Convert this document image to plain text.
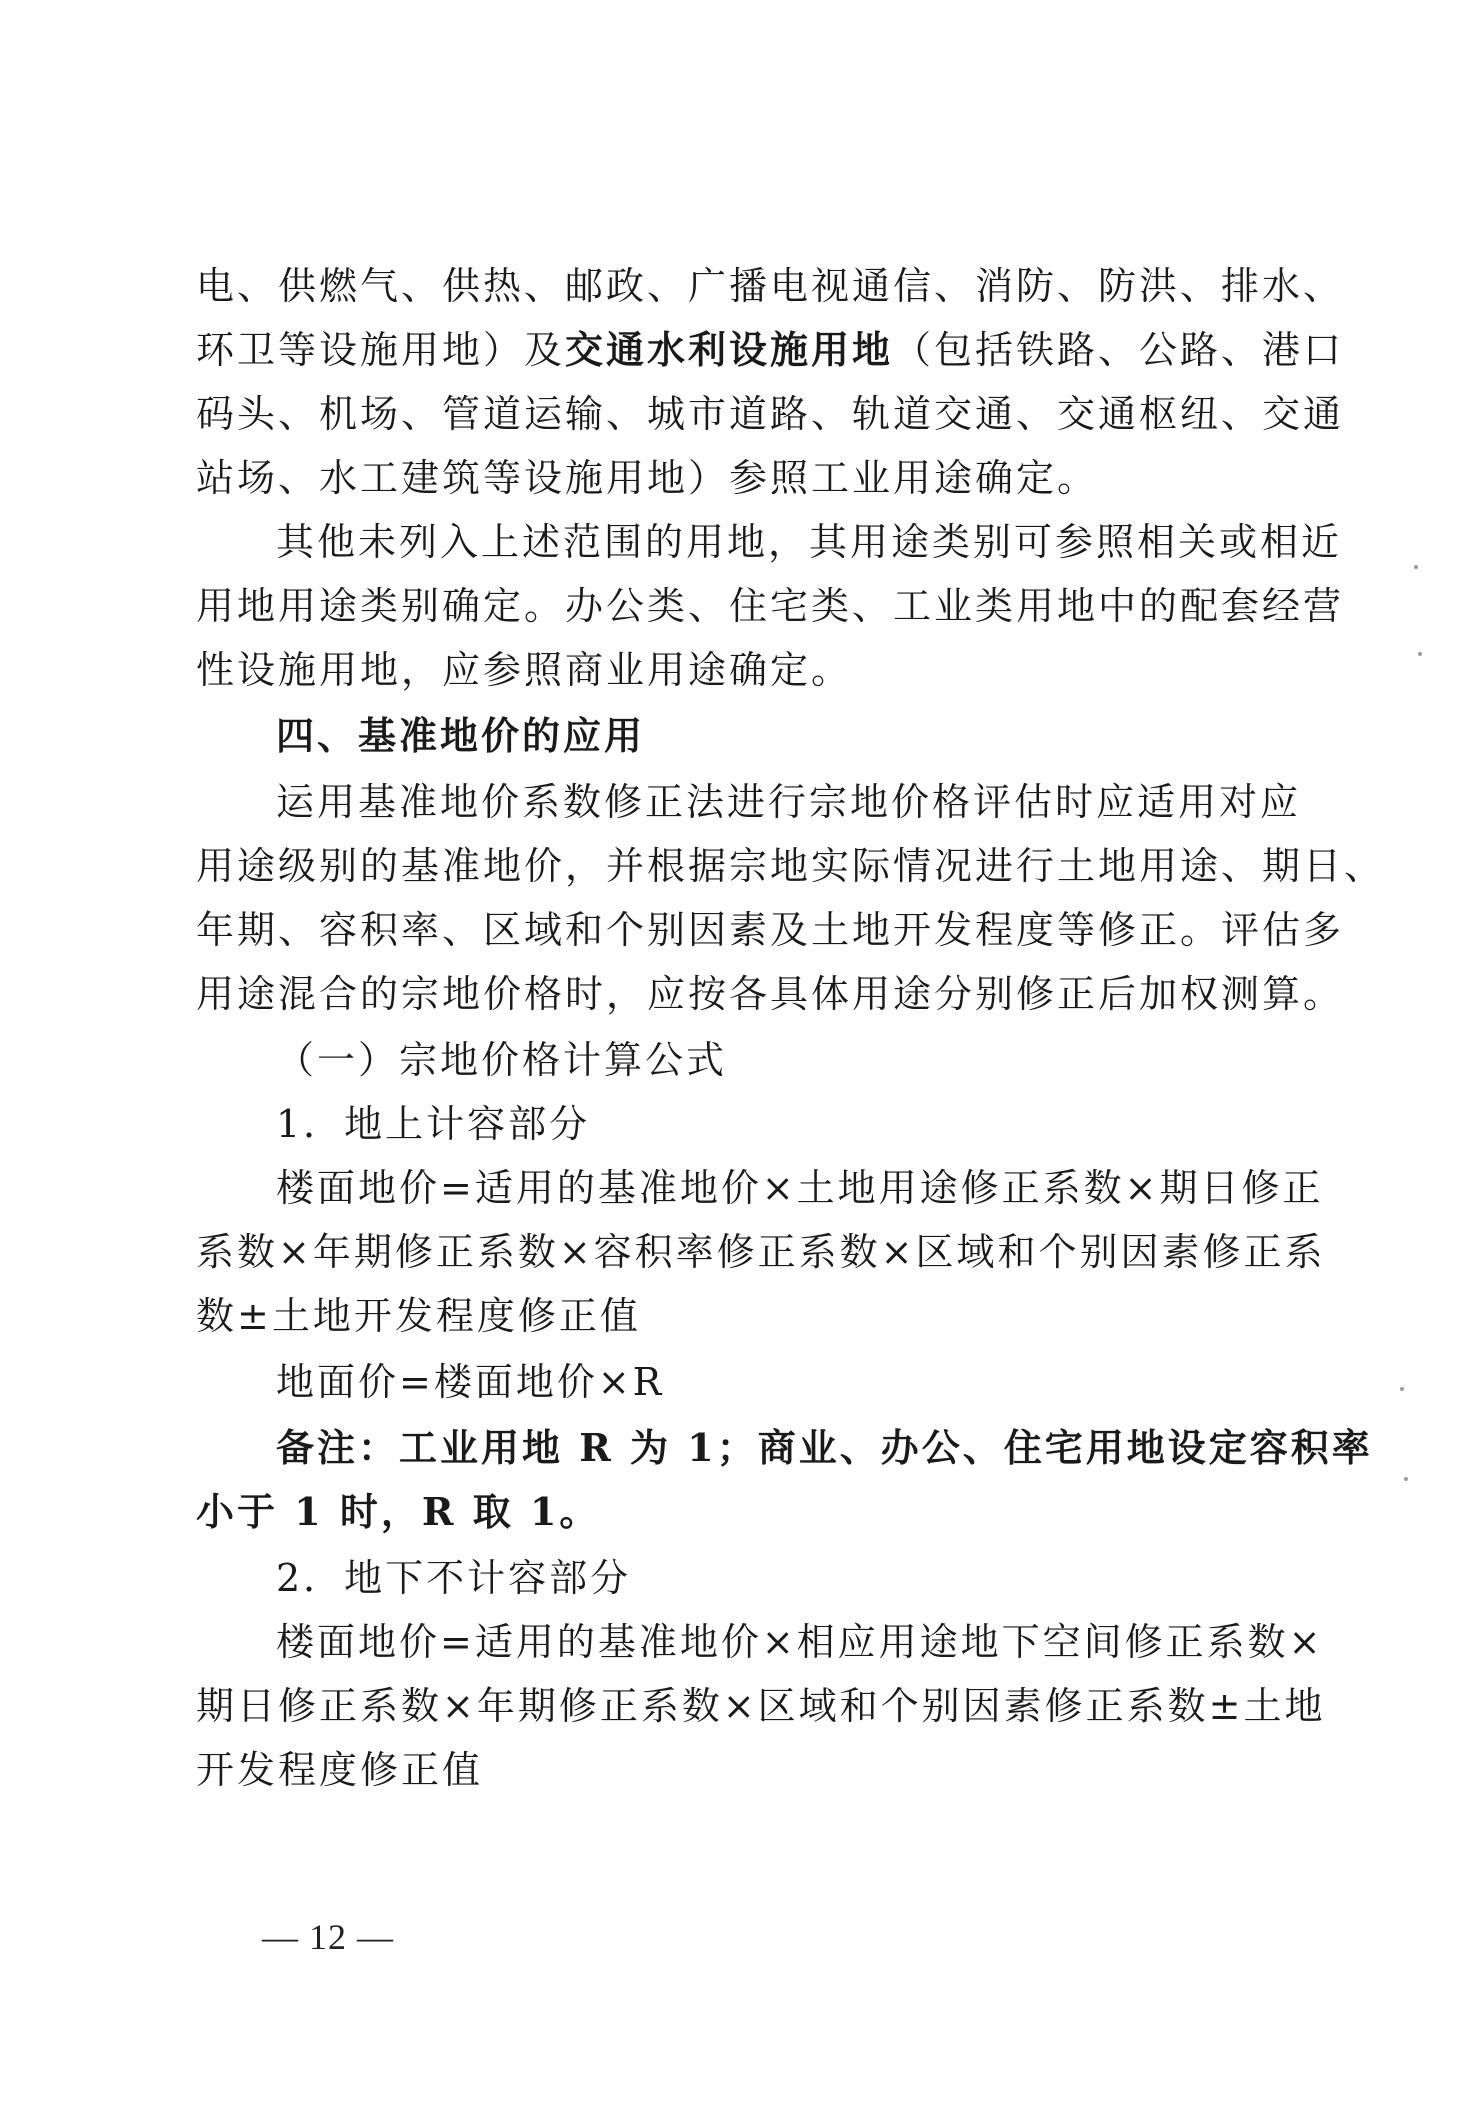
电、供燃气、供热、邮政、广播电视通信、消防、防洪、排水、
环卫等设施用地）及交通水利设施用地（包括铁路、公路、港口
码头、机场、管道运输、城市道路、轨道交通、交通枢纽、交通
站场、水工建筑等设施用地）参照工业用途确定。
其他未列入上述范围的用地，其用途类别可参照相关或相近
用地用途类别确定。办公类、住宅类、工业类用地中的配套经营
性设施用地，应参照商业用途确定。
四、基准地价的应用
运用基准地价系数修正法进行宗地价格评估时应适用对应
用途级别的基准地价，并根据宗地实际情况进行土地用途、期日、
年期、容积率、区域和个别因素及土地开发程度等修正。评估多
用途混合的宗地价格时，应按各具体用途分别修正后加权测算。
（一）宗地价格计算公式
1．地上计容部分
楼面地价=适用的基准地价×土地用途修正系数×期日修正
系数×年期修正系数×容积率修正系数×区域和个别因素修正系
数±土地开发程度修正值
地面价=楼面地价×R
备注：工业用地 R 为 1；商业、办公、住宅用地设定容积率
小于 1 时，R 取 1。
2．地下不计容部分
楼面地价=适用的基准地价×相应用途地下空间修正系数×
期日修正系数×年期修正系数×区域和个别因素修正系数±土地
开发程度修正值
— 12 —
